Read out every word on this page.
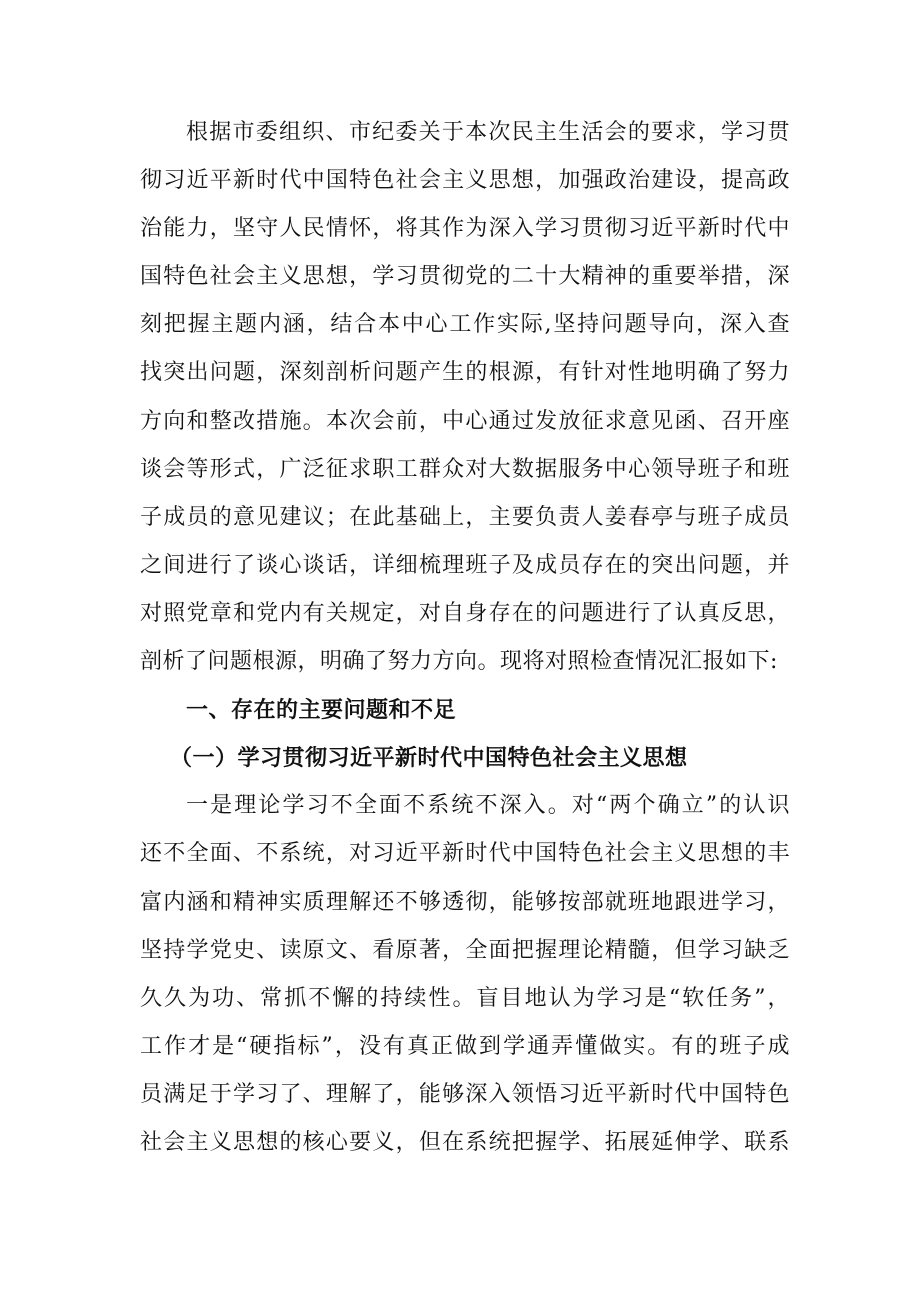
根据市委组织、市纪委关于本次民主生活会的要求，学习贯
彻习近平新时代中国特色社会主义思想，加强政治建设，提高政
治能力，坚守人民情怀，将其作为深入学习贯彻习近平新时代中
国特色社会主义思想，学习贯彻党的二十大精神的重要举措，深
刻把握主题内涵，结合本中心工作实际,坚持问题导向，深入查
找突出问题，深刻剖析问题产生的根源，有针对性地明确了努力
方向和整改措施。本次会前，中心通过发放征求意见函、召开座
谈会等形式，广泛征求职工群众对大数据服务中心领导班子和班
子成员的意见建议；在此基础上，主要负责人姜春亭与班子成员
之间进行了谈心谈话，详细梳理班子及成员存在的突出问题，并
对照党章和党内有关规定，对自身存在的问题进行了认真反思，
剖析了问题根源，明确了努力方向。现将对照检查情况汇报如下:
一、存在的主要问题和不足
（一）学习贯彻习近平新时代中国特色社会主义思想
一是理论学习不全面不系统不深入。对“两个确立”的认识
还不全面、不系统，对习近平新时代中国特色社会主义思想的丰
富内涵和精神实质理解还不够透彻，能够按部就班地跟进学习，
坚持学党史、读原文、看原著，全面把握理论精髓，但学习缺乏
久久为功、常抓不懈的持续性。盲目地认为学习是“软任务”，
工作才是“硬指标”，没有真正做到学通弄懂做实。有的班子成
员满足于学习了、理解了，能够深入领悟习近平新时代中国特色
社会主义思想的核心要义，但在系统把握学、拓展延伸学、联系
